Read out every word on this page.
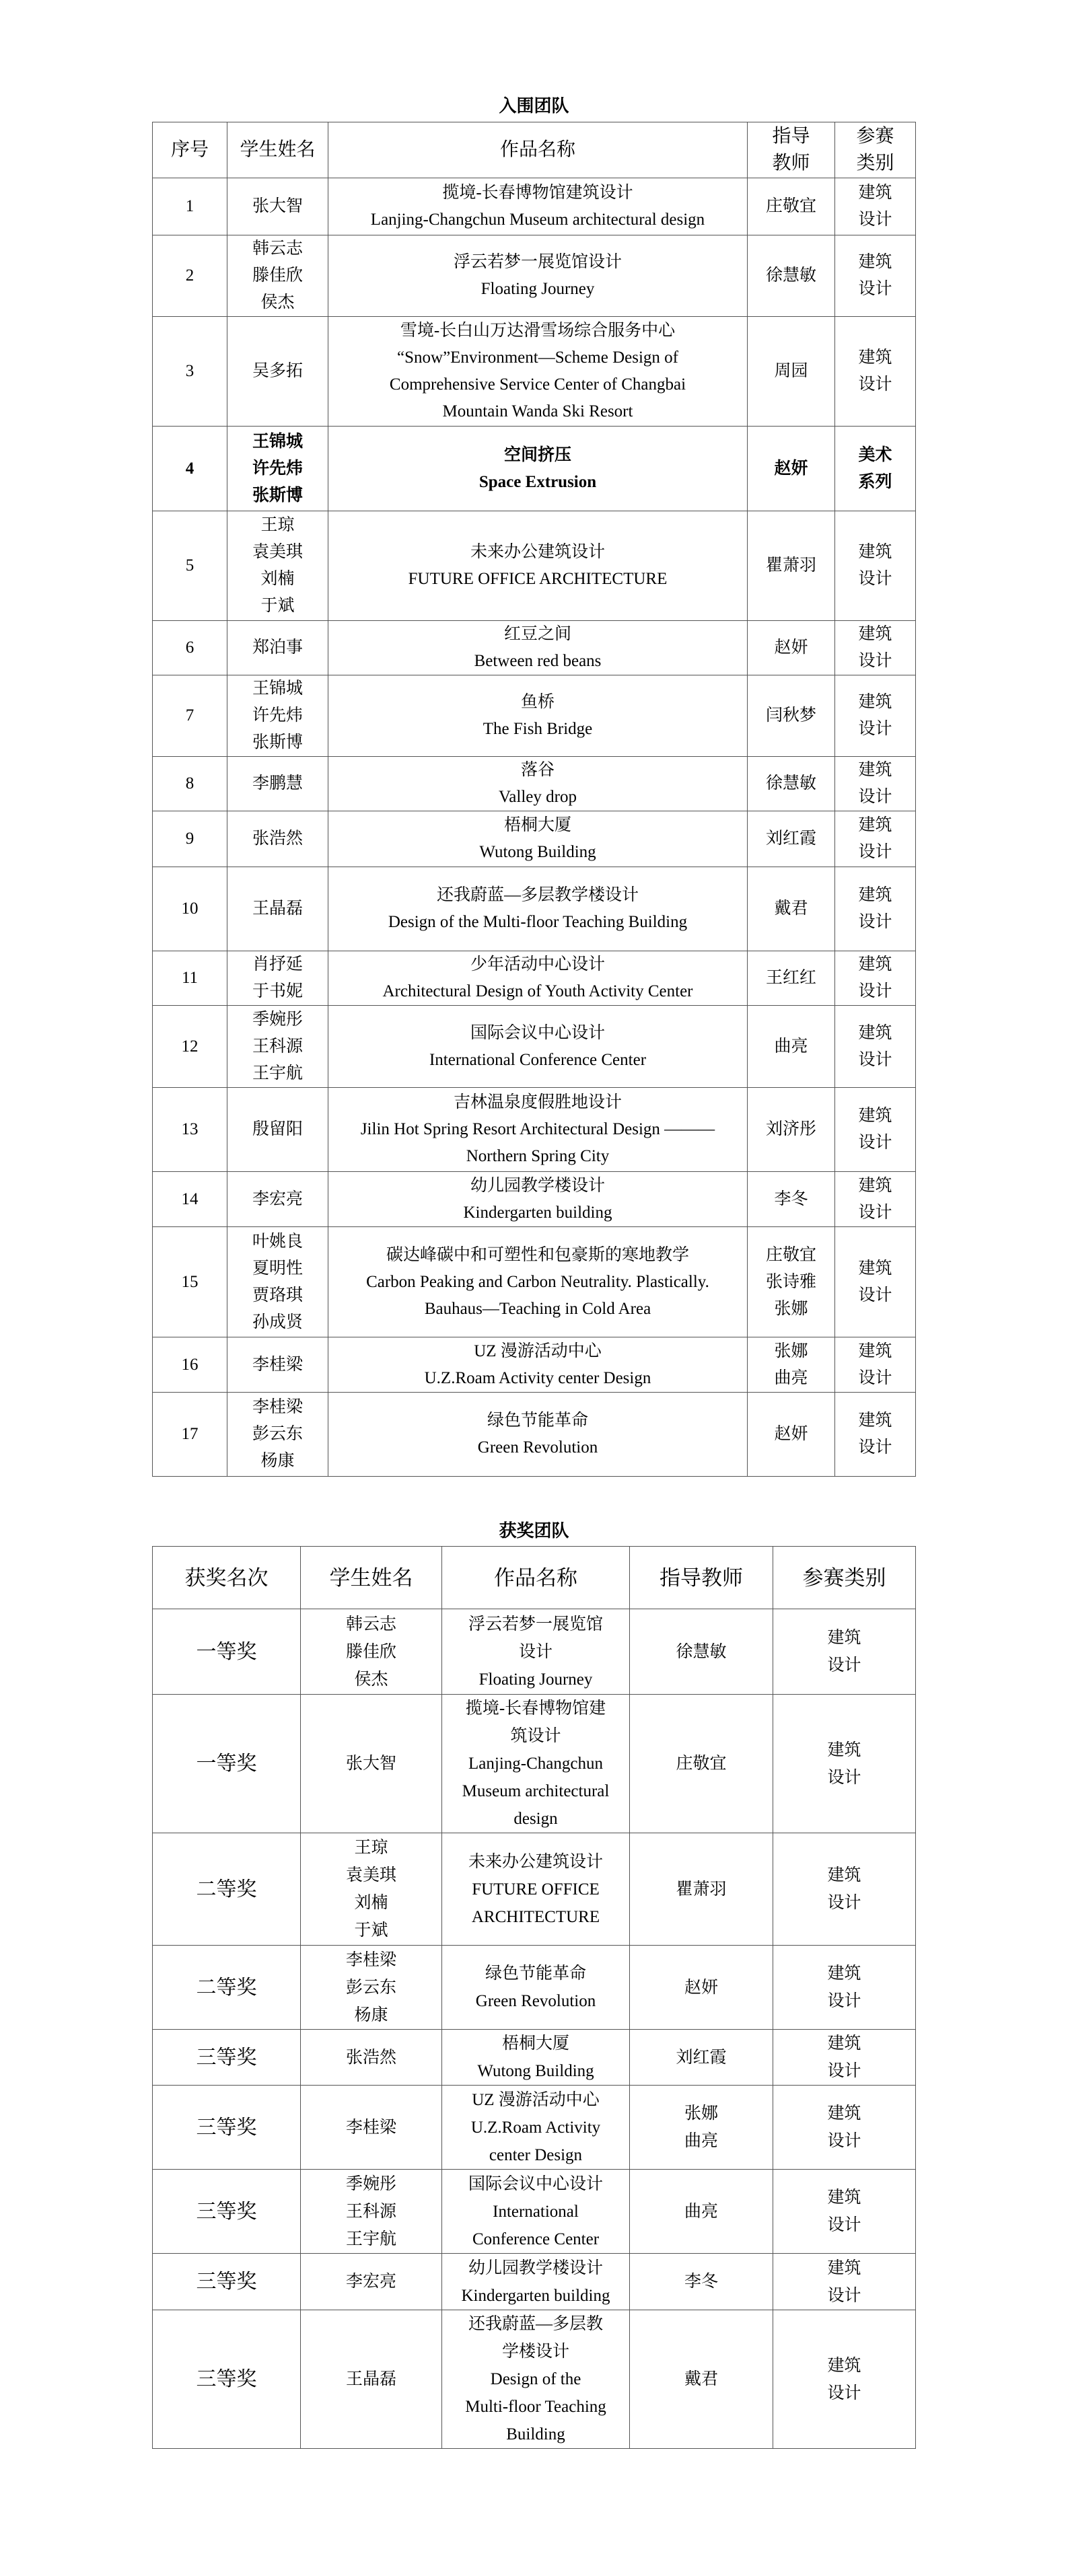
入围团队
序号	学生姓名	作品名称	指导
教师	参赛
类别

1	张大智	揽境-长春博物馆建筑设计
Lanjing-Changchun Museum architectural design	庄敬宜	建筑
设计

2	韩云志
滕佳欣
侯杰	浮云若梦一展览馆设计
Floating Journey	徐慧敏	建筑
设计

3	吴多拓	雪境-长白山万达滑雪场综合服务中心
“Snow”Environment—Scheme Design of
Comprehensive Service Center of Changbai
Mountain Wanda Ski Resort	周园	建筑
设计

4	王锦城
许先炜
张斯博	空间挤压
Space Extrusion	赵妍	美术
系列

5	王琼
袁美琪
刘楠
于斌	未来办公建筑设计
FUTURE OFFICE ARCHITECTURE	瞿萧羽	建筑
设计

6	郑泊事	红豆之间
Between red beans	赵妍	建筑
设计

7	王锦城
许先炜
张斯博	鱼桥
The Fish Bridge	闫秋梦	建筑
设计

8	李鹏慧	落谷
Valley drop	徐慧敏	建筑
设计

9	张浩然	梧桐大厦
Wutong Building	刘红霞	建筑
设计

10	王晶磊	还我蔚蓝—多层教学楼设计
Design of the Multi-floor Teaching Building	戴君	建筑
设计

11	肖抒延
于书妮	少年活动中心设计
Architectural Design of Youth Activity Center	王红红	建筑
设计

12	季婉彤
王科源
王宇航	国际会议中心设计
International Conference Center	曲亮	建筑
设计

13	殷留阳	吉林温泉度假胜地设计
Jilin Hot Spring Resort Architectural Design ———
Northern Spring City	刘济彤	建筑
设计

14	李宏亮	幼儿园教学楼设计
Kindergarten building	李冬	建筑
设计

15	叶姚良
夏明性
贾珞琪
孙成贤	碳达峰碳中和可塑性和包豪斯的寒地教学
Carbon Peaking and Carbon Neutrality. Plastically.
Bauhaus—Teaching in Cold Area	庄敬宜
张诗雅
张娜	建筑
设计

16	李桂梁	UZ 漫游活动中心
U.Z.Roam Activity center Design	张娜
曲亮	建筑
设计

17	李桂梁
彭云东
杨康	绿色节能革命
Green Revolution	赵妍	建筑
设计
获奖团队
获奖名次	学生姓名	作品名称	指导教师	参赛类别

一等奖	韩云志
滕佳欣
侯杰	浮云若梦一展览馆
设计
Floating Journey	徐慧敏	建筑
设计

一等奖	张大智	揽境-长春博物馆建
筑设计
Lanjing-Changchun
Museum architectural
design	庄敬宜	建筑
设计

二等奖	王琼
袁美琪
刘楠
于斌	未来办公建筑设计
FUTURE OFFICE
ARCHITECTURE	瞿萧羽	建筑
设计

二等奖	李桂梁
彭云东
杨康	绿色节能革命
Green Revolution	赵妍	建筑
设计

三等奖	张浩然	梧桐大厦
Wutong Building	刘红霞	建筑
设计

三等奖	李桂梁	UZ 漫游活动中心
U.Z.Roam Activity
center Design	张娜
曲亮	建筑
设计

三等奖	季婉彤
王科源
王宇航	国际会议中心设计
International
Conference Center	曲亮	建筑
设计

三等奖	李宏亮	幼儿园教学楼设计
Kindergarten building	李冬	建筑
设计

三等奖	王晶磊	还我蔚蓝—多层教
学楼设计
Design of the
Multi-floor Teaching
Building	戴君	建筑
设计
